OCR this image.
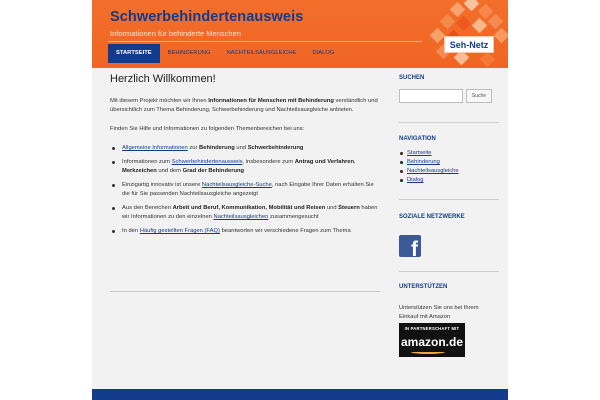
Schwerbehindertenausweis
Informationen für behinderte Menschen
Seh-Netz
STARTSEITE	BEHINDERUNG	NACHTEILSAUSGLEICHE	DIALOG
Herzlich Willkommen!

Mit diesem Projekt möchten wir Ihnen Informationen für Menschen mit Behinderung verständlich und übersichtlich zum Thema Behinderung, Schwerbehinderung und Nachteilsausgleiche anbieten.

Finden Sie Hilfe und Informationen zu folgenden Themenbereichen bei uns:

Allgemeine Informationen zur Behinderung und Schwerbehinderung
Informationen zum Schwerbehindertenausweis, insbesondere zum Antrag und Verfahren, Merkzeichen und dem Grad der Behinderung
Einzigartig innovativ ist unsere Nachteilsausgleiche-Suche, nach Eingabe Ihrer Daten erhalten Sie die für Sie passenden Nachteilsausgleiche angezeigt
Aus den Bereichen Arbeit und Beruf, Kommunikation, Mobilität und Reisen und Steuern haben wir Informationen zu den einzelnen Nachteilsausgleichen zusammengesucht
In den Häufig gestellten Fragen (FAQ) beantworten wir verschiedene Fragen zum Thema
SUCHEN
Suche
NAVIGATION
Startseite
Behinderung
Nachteilsausgleiche
Dialog
SOZIALE NETZWERKE
f
UNTERSTÜTZEN
Unterstützen Sie uns bei Ihrem Einkauf mit Amazon
IN PARTNERSCHAFT MIT
amazon.de
